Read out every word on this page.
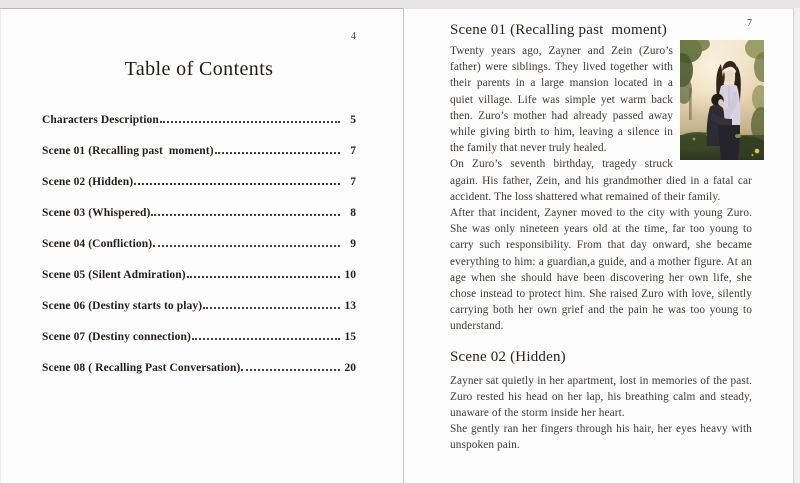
4
Table of Contents
Characters Description	5
Scene 01 (Recalling past  moment)	7
Scene 02 (Hidden)	7
Scene 03 (Whispered)	8
Scene 04 (Confliction)	9
Scene 05 (Silent Admiration)	10
Scene 06 (Destiny starts to play)	13
Scene 07 (Destiny connection)	15
Scene 08 ( Recalling Past Conversation)	20
7
Scene 01 (Recalling past  moment)

Twenty years ago, Zayner and Zein (Zuro’s father) were siblings. They lived together with their parents in a large mansion located in a quiet village. Life was simple yet warm back then. Zuro’s mother had already passed away while giving birth to him, leaving a silence in the family that never truly healed.

On Zuro’s seventh birthday, tragedy struck again. His father, Zein, and his grandmother died in a fatal car accident. The loss shattered what remained of their family.

After that incident, Zayner moved to the city with young Zuro. She was only nineteen years old at the time, far too young to carry such responsibility. From that day onward, she became everything to him: a guardian,a guide, and a mother figure. At an age when she should have been discovering her own life, she chose instead to protect him. She raised Zuro with love, silently carrying both her own grief and the pain he was too young to understand.

Scene 02 (Hidden)

Zayner sat quietly in her apartment, lost in memories of the past. Zuro rested his head on her lap, his breathing calm and steady, unaware of the storm inside her heart.

She gently ran her fingers through his hair, her eyes heavy with unspoken pain.
